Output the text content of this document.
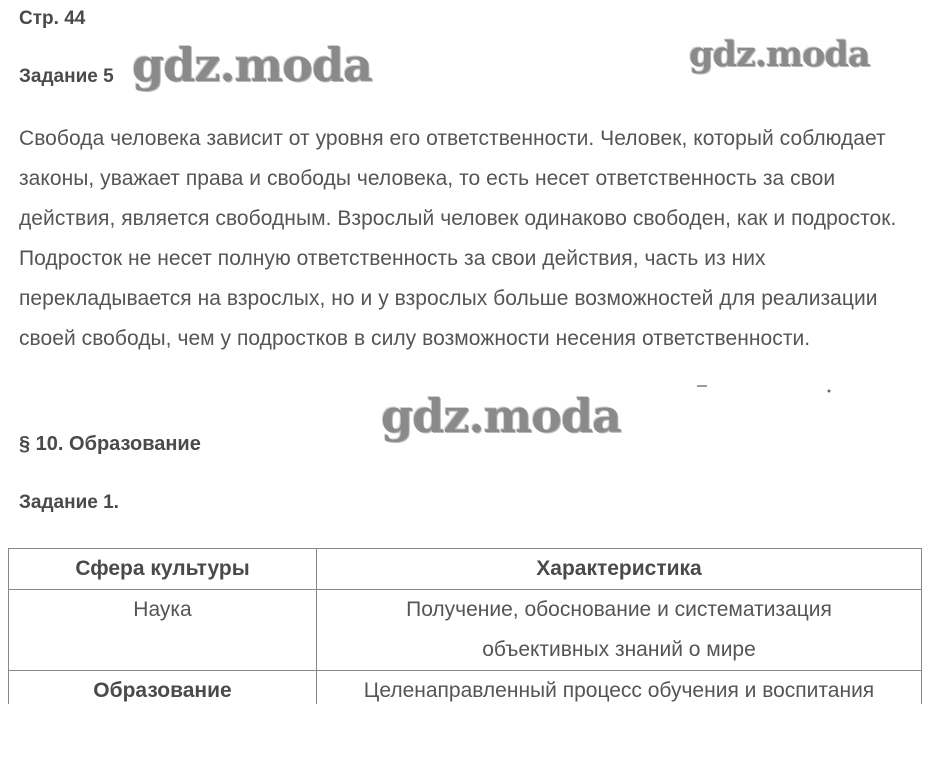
Стр. 44

Задание 5

Свобода человека зависит от уровня его ответственности. Человек, который соблюдает законы, уважает права и свободы человека, то есть несет ответственность за свои действия, является свободным. Взрослый человек одинаково свободен, как и подросток. Подросток не несет полную ответственность за свои действия, часть из них перекладывается на взрослых, но и у взрослых больше возможностей для реализации своей свободы, чем у подростков в силу возможности несения ответственности.

§ 10. Образование

Задание 1.

Сфера культуры	Характеристика
Наука	Получение, обоснование и систематизация объективных знаний о мире
Образование	Целенаправленный процесс обучения и воспитания
gdz.moda	gdz.moda
gdz.moda
